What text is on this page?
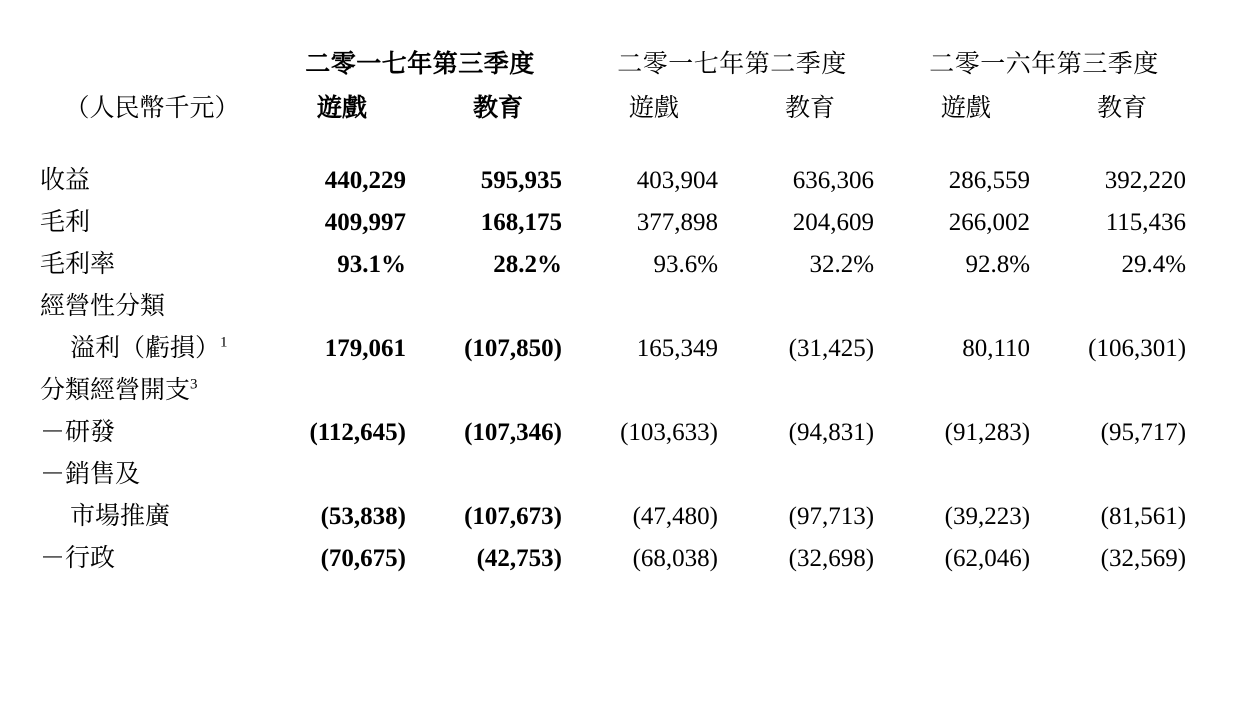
	二零一七年第三季度		二零一七年第二季度		二零一六年第三季度	
（人民幣千元）	遊戲	教育	遊戲	教育	遊戲	教育
收益	440,229	595,935	403,904	636,306	286,559	392,220
毛利	409,997	168,175	377,898	204,609	266,002	115,436
毛利率	93.1%	28.2%	93.6%	32.2%	92.8%	29.4%
經營性分類						
溢利（虧損）$^1$	179,061	(107,850)	165,349	(31,425)	80,110	(106,301)
分類經營開支$^3$						
－研發	(112,645)	(107,346)	(103,633)	(94,831)	(91,283)	(95,717)
－銷售及						
市場推廣	(53,838)	(107,673)	(47,480)	(97,713)	(39,223)	(81,561)
－行政	(70,675)	(42,753)	(68,038)	(32,698)	(62,046)	(32,569)
